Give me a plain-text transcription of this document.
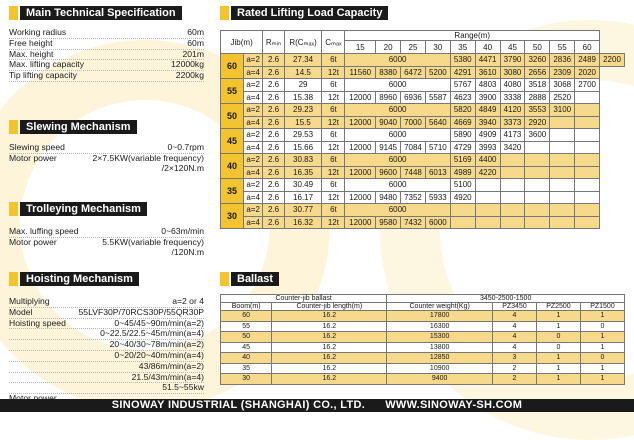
Main Technical Specification
Working radius	60m
Free height	60m
Max. height	201m
Max. lifting capacity	12000kg
Tip lifting capacity	2200kg
Slewing Mechanism
Slewing speed	0~0.7rpm
Motor power	2×7.5KW(variable frequency)
/2×120N.m
Trolleying Mechanism
Max. luffing speed	0~63m/min
Motor power	5.5KW(variable frequency)
/120N.m
Hoisting Mechanism
Multiplying	a=2 or 4
Model	55LVF30P/70RCS30P/55QR30P
Hoisting speed	0~45/45~90m/min(a=2)
0~22.5/22.5~45m/min(a=4)
20~40/30~78m/min(a=2)
0~20/20~40m/min(a=4)
43/86m/min(a=2)
21.5/43m/min(a=4)
51.5~55kw
Rated Lifting Load Capacity
Jib(m)		Rₘᵢₙ	R(Cₘₐₓ)	Cₘₐₓ	Range(m)										
					15	20	25	30	35	40	45	50	55	60	
60	a=2	2.6	27.34	6t	6000				5380	4471	3790	3260	2836	2489	2200
	a=4	2.6	14.5	12t	11560	8380	6472	5200	4291	3610	3080	2656	2309	2020	
55	a=2	2.6	29	6t	6000				5767	4803	4080	3518	3068	2700	
	a=4	2.6	15.38	12t	12000	8960	6936	5587	4623	3900	3338	2888	2520		
50	a=2	2.6	29.23	6t	6000				5820	4849	4120	3553	3100		
	a=4	2.6	15.5	12t	12000	9040	7000	5640	4669	3940	3373	2920			
45	a=2	2.6	29.53	6t	6000				5890	4909	4173	3600			
	a=4	2.6	15.66	12t	12000	9145	7084	5710	4729	3993	3420				
40	a=2	2.6	30.83	6t	6000				5169	4400					
	a=4	2.6	16.35	12t	12000	9600	7448	6013	4989	4220					
35	a=2	2.6	30.49	6t	6000				5100						
	a=4	2.6	16.17	12t	12000	9480	7352	5933	4920						
30	a=2	2.6	30.77	6t	6000										
	a=4	2.6	16.32	12t	12000	9580	7432	6000							
Ballast
Counter-jib ballast		3450-2500-1500			
Boom(m)	Counter-jib length(m)	Counter weight(Kg)	PZ3450	PZ2500	PZ1500
60	16.2	17800	4	1	1
55	16.2	16300	4	1	0
50	16.2	15300	4	0	1
45	16.2	13800	4	0	1
40	16.2	12850	3	1	0
35	16.2	10900	2	1	1
30	16.2	9400	2	1	1
SINOWAY INDUSTRIAL (SHANGHAI) CO., LTD. WWW.SINOWAY-SH.COM
